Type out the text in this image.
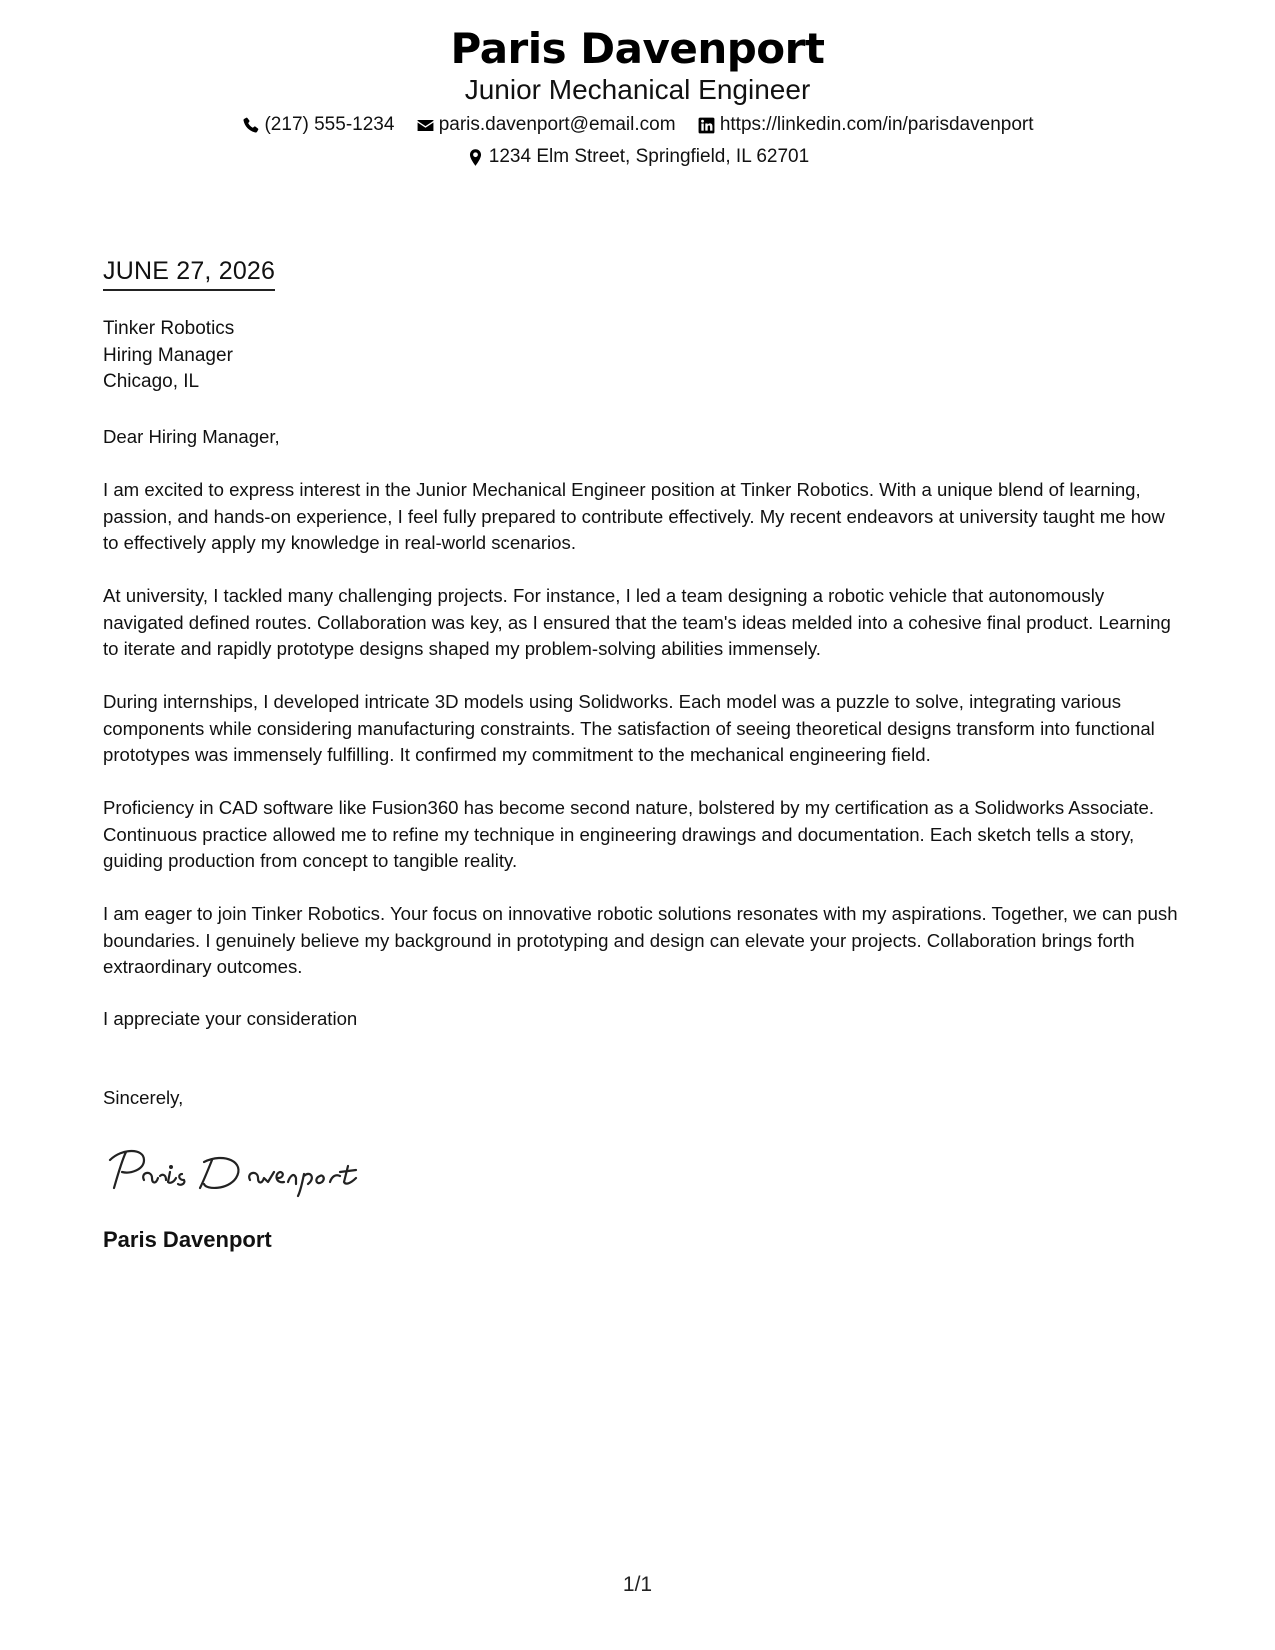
Paris Davenport
Junior Mechanical Engineer
(217) 555-1234
paris.davenport@email.com
https://linkedin.com/in/parisdavenport
1234 Elm Street, Springfield, IL 62701
JUNE 27, 2026
Tinker Robotics
Hiring Manager
Chicago, IL
Dear Hiring Manager,
I am excited to express interest in the Junior Mechanical Engineer position at Tinker Robotics. With a unique blend of learning, passion, and hands-on experience, I feel fully prepared to contribute effectively. My recent endeavors at university taught me how to effectively apply my knowledge in real-world scenarios.
At university, I tackled many challenging projects. For instance, I led a team designing a robotic vehicle that autonomously navigated defined routes. Collaboration was key, as I ensured that the team's ideas melded into a cohesive final product. Learning to iterate and rapidly prototype designs shaped my problem-solving abilities immensely.
During internships, I developed intricate 3D models using Solidworks. Each model was a puzzle to solve, integrating various components while considering manufacturing constraints. The satisfaction of seeing theoretical designs transform into functional prototypes was immensely fulfilling. It confirmed my commitment to the mechanical engineering field.
Proficiency in CAD software like Fusion360 has become second nature, bolstered by my certification as a Solidworks Associate. Continuous practice allowed me to refine my technique in engineering drawings and documentation. Each sketch tells a story, guiding production from concept to tangible reality.
I am eager to join Tinker Robotics. Your focus on innovative robotic solutions resonates with my aspirations. Together, we can push boundaries. I genuinely believe my background in prototyping and design can elevate your projects. Collaboration brings forth extraordinary outcomes.
I appreciate your consideration
Sincerely,
Paris Davenport
1/1
